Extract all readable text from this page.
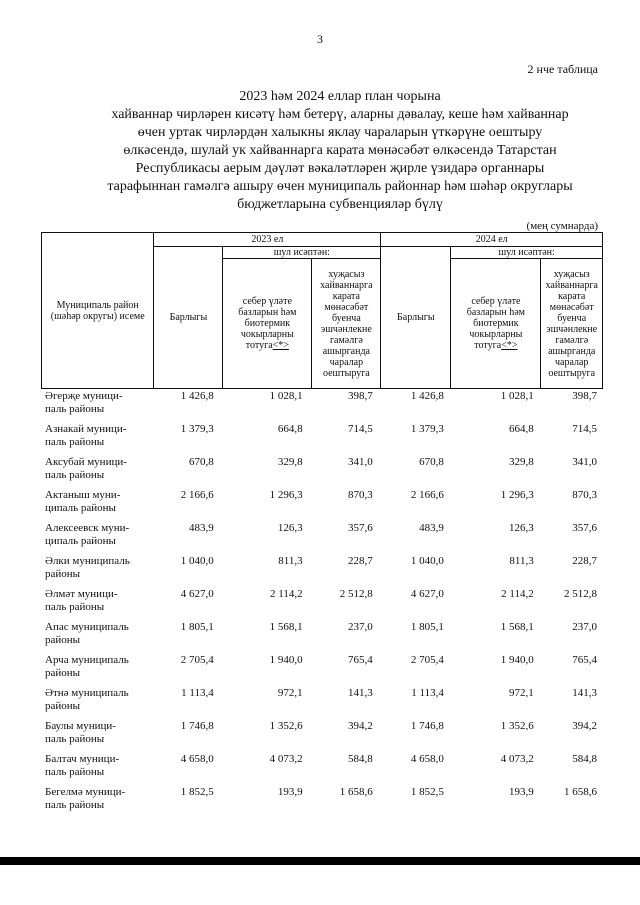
3
2 нче таблица
2023 һәм 2024 еллар план чорына
хайваннар чирләрен кисәтү һәм бетерү, аларны дәвалау, кеше һәм хайваннар
өчен уртак чирләрдән халыкны яклау чараларын үткәрүне оештыру
өлкәсендә, шулай ук хайваннарга карата мөнәсәбәт өлкәсендә Татарстан
Республикасы аерым дәүләт вәкаләтләрен җирле үзидарә органнары
тарафыннан гамәлгә ашыру өчен муниципаль районнар һәм шәһәр округлары
бюджетларына субвенцияләр бүлү
(мең сумнарда)
Муниципаль район (шәһәр округы) исеме	2023 ел			2024 ел		
	Барлыгы	шул исәптән:		Барлыгы	шул исәптән:	
		себер үләте базларын һәм биотермик чокырларны тотуга<*>	хуҗасыз хайваннарга карата мөнәсәбәт буенча эшчәнлекне гамәлгә ашырганда чаралар оештыруга		себер үләте базларын һәм биотермик чокырларны тотуга<*>	хуҗасыз хайваннарга карата мөнәсәбәт буенча эшчәнлекне гамәлгә ашырганда чаралар оештыруга
Әгерҗе муници-
паль районы
1 426,8	1 028,1	398,7	1 426,8	1 028,1	398,7
Азнакай муници-
паль районы
1 379,3	664,8	714,5	1 379,3	664,8	714,5
Аксубай муници-
паль районы
670,8	329,8	341,0	670,8	329,8	341,0
Актаныш муни-
ципаль районы
2 166,6	1 296,3	870,3	2 166,6	1 296,3	870,3
Алексеевск муни-
ципаль районы
483,9	126,3	357,6	483,9	126,3	357,6
Әлки муниципаль
районы
1 040,0	811,3	228,7	1 040,0	811,3	228,7
Әлмәт муници-
паль районы
4 627,0	2 114,2	2 512,8	4 627,0	2 114,2	2 512,8
Апас муниципаль
районы
1 805,1	1 568,1	237,0	1 805,1	1 568,1	237,0
Арча муниципаль
районы
2 705,4	1 940,0	765,4	2 705,4	1 940,0	765,4
Әтнә муниципаль
районы
1 113,4	972,1	141,3	1 113,4	972,1	141,3
Баулы муници-
паль районы
1 746,8	1 352,6	394,2	1 746,8	1 352,6	394,2
Балтач муници-
паль районы
4 658,0	4 073,2	584,8	4 658,0	4 073,2	584,8
Бегелмә муници-
паль районы
1 852,5	193,9	1 658,6	1 852,5	193,9	1 658,6
